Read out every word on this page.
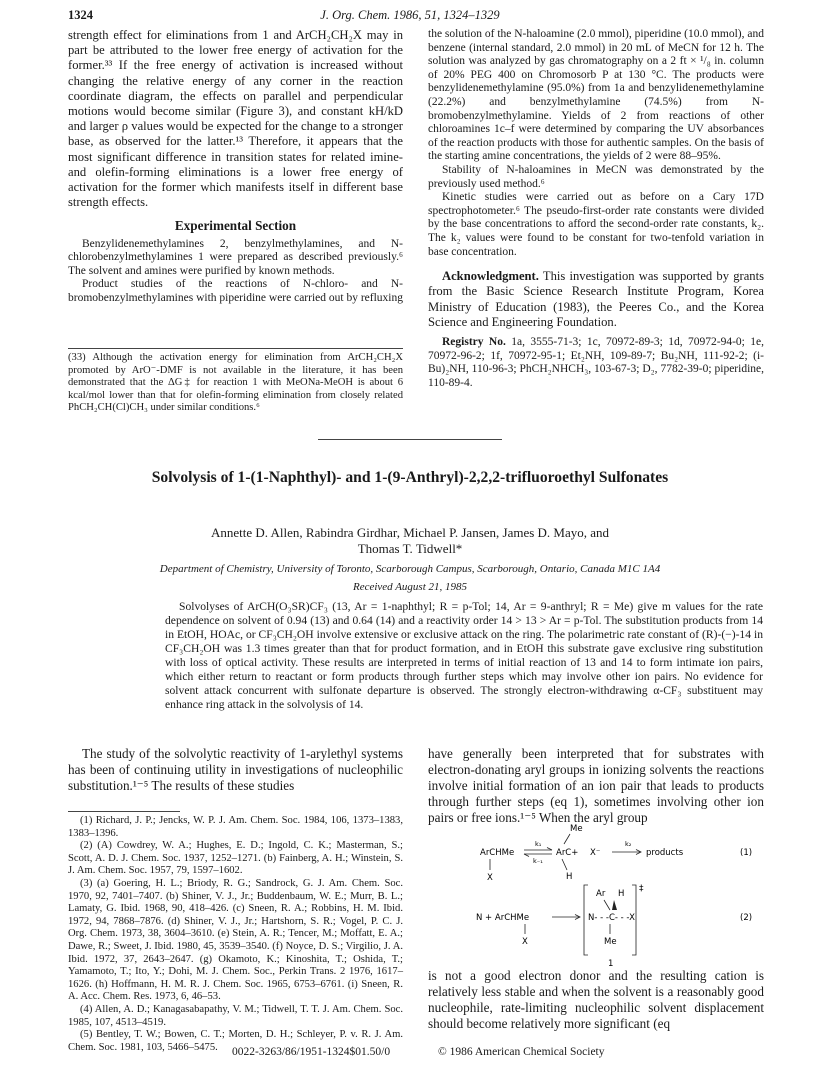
1324	J. Org. Chem. 1986, 51, 1324–1329

strength effect for eliminations from 1 and ArCH₂CH₂X may in part be attributed to the lower free energy of activation for the former.³³ If the free energy of activation is increased without changing the relative energy of any corner in the reaction coordinate diagram, the effects on parallel and perpendicular motions would become similar (Figure 3), and constant kH/kD and larger ρ values would be expected for the change to a stronger base, as observed for the latter.¹³ Therefore, it appears that the most significant difference in transition states for related imine- and olefin-forming eliminations is a lower free energy of activation for the former which manifests itself in different base strength effects.

Experimental Section

Benzylidenemethylamines 2, benzylmethylamines, and N-chlorobenzylmethylamines 1 were prepared as described previously.⁶ The solvent and amines were purified by known methods.

Product studies of the reactions of N-chloro- and N-bromobenzylmethylamines with piperidine were carried out by refluxing

(33) Although the activation energy for elimination from ArCH₂CH₂X promoted by ArO⁻-DMF is not available in the literature, it has been demonstrated that the ΔG‡ for reaction 1 with MeONa-MeOH is about 6 kcal/mol lower than that for olefin-forming elimination from closely related PhCH₂CH(Cl)CH₃ under similar conditions.⁶

the solution of the N-haloamine (2.0 mmol), piperidine (10.0 mmol), and benzene (internal standard, 2.0 mmol) in 20 mL of MeCN for 12 h. The solution was analyzed by gas chromatography on a 2 ft × ¹/₈ in. column of 20% PEG 400 on Chromosorb P at 130 °C. The products were benzylidenemethylamine (95.0%) from 1a and benzylidenemethylamine (22.2%) and benzylmethylamine (74.5%) from N-bromobenzylmethylamine. Yields of 2 from reactions of other chloroamines 1c–f were determined by comparing the UV absorbances of the reaction products with those for authentic samples. On the basis of the starting amine concentrations, the yields of 2 were 88–95%.

Stability of N-haloamines in MeCN was demonstrated by the previously used method.⁶

Kinetic studies were carried out as before on a Cary 17D spectrophotometer.⁶ The pseudo-first-order rate constants were divided by the base concentrations to afford the second-order rate constants, k₂. The k₂ values were found to be constant for two-tenfold variation in base concentration.

Acknowledgment. This investigation was supported by grants from the Basic Science Research Institute Program, Korea Ministry of Education (1983), the Peeres Co., and the Korea Science and Engineering Foundation.

Registry No. 1a, 3555-71-3; 1c, 70972-89-3; 1d, 70972-94-0; 1e, 70972-96-2; 1f, 70972-95-1; Et₂NH, 109-89-7; Bu₂NH, 111-92-2; (i-Bu)₂NH, 110-96-3; PhCH₂NHCH₃, 103-67-3; D₂, 7782-39-0; piperidine, 110-89-4.

Solvolysis of 1-(1-Naphthyl)- and 1-(9-Anthryl)-2,2,2-trifluoroethyl Sulfonates
Annette D. Allen, Rabindra Girdhar, Michael P. Jansen, James D. Mayo, and
Thomas T. Tidwell*
Department of Chemistry, University of Toronto, Scarborough Campus, Scarborough, Ontario, Canada M1C 1A4
Received August 21, 1985
Solvolyses of ArCH(O₃SR)CF₃ (13, Ar = 1-naphthyl; R = p-Tol; 14, Ar = 9-anthryl; R = Me) give m values for the rate dependence on solvent of 0.94 (13) and 0.64 (14) and a reactivity order 14 > 13 > Ar = p-Tol. The substitution products from 14 in EtOH, HOAc, or CF₃CH₂OH involve extensive or exclusive attack on the ring. The polarimetric rate constant of (R)-(−)-14 in CF₃CH₂OH was 1.3 times greater than that for product formation, and in EtOH this substrate gave exclusive ring substitution with loss of optical activity. These results are interpreted in terms of initial reaction of 13 and 14 to form intimate ion pairs, which either return to reactant or form products through further steps which may involve other ion pairs. No evidence for solvent attack concurrent with sulfonate departure is observed. The strongly electron-withdrawing α-CF₃ substituent may enhance ring attack in the solvolysis of 14.

The study of the solvolytic reactivity of 1-arylethyl systems has been of continuing utility in investigations of nucleophilic substitution.¹⁻⁵ The results of these studies

(1) Richard, J. P.; Jencks, W. P. J. Am. Chem. Soc. 1984, 106, 1373–1383, 1383–1396.

(2) (A) Cowdrey, W. A.; Hughes, E. D.; Ingold, C. K.; Masterman, S.; Scott, A. D. J. Chem. Soc. 1937, 1252–1271. (b) Fainberg, A. H.; Winstein, S. J. Am. Chem. Soc. 1957, 79, 1597–1602.

(3) (a) Goering, H. L.; Briody, R. G.; Sandrock, G. J. Am. Chem. Soc. 1970, 92, 7401–7407. (b) Shiner, V. J., Jr.; Buddenbaum, W. E.; Murr, B. L.; Lamaty, G. Ibid. 1968, 90, 418–426. (c) Sneen, R. A.; Robbins, H. M. Ibid. 1972, 94, 7868–7876. (d) Shiner, V. J., Jr.; Hartshorn, S. R.; Vogel, P. C. J. Org. Chem. 1973, 38, 3604–3610. (e) Stein, A. R.; Tencer, M.; Moffatt, E. A.; Dawe, R.; Sweet, J. Ibid. 1980, 45, 3539–3540. (f) Noyce, D. S.; Virgilio, J. A. Ibid. 1972, 37, 2643–2647. (g) Okamoto, K.; Kinoshita, T.; Oshida, T.; Yamamoto, T.; Ito, Y.; Dohi, M. J. Chem. Soc., Perkin Trans. 2 1976, 1617–1626. (h) Hoffmann, H. M. R. J. Chem. Soc. 1965, 6753–6761. (i) Sneen, R. A. Acc. Chem. Res. 1973, 6, 46–53.

(4) Allen, A. D.; Kanagasabapathy, V. M.; Tidwell, T. T. J. Am. Chem. Soc. 1985, 107, 4513–4519.

(5) Bentley, T. W.; Bowen, C. T.; Morten, D. H.; Schleyer, P. v. R. J. Am. Chem. Soc. 1981, 103, 5466–5475.

have generally been interpreted that for substrates with electron-donating aryl groups in ionizing solvents the reactions involve initial formation of an ion pair that leads to products through further steps (eq 1), sometimes involving other ion pairs or free ions.¹⁻⁵ When the aryl group

Me
ArCHMe
k₁
k₋₁
ArC+ X⁻
k₂
products	(1)
X	H
‡
Ar H
N- - -C- - -X
Me
N + ArCHMe
X
(2)
1

is not a good electron donor and the resulting cation is relatively less stable and when the solvent is a reasonably good nucleophile, rate-limiting nucleophilic solvent displacement should become relatively more significant (eq

0022-3263/86/1951-1324$01.50/0	© 1986 American Chemical Society
